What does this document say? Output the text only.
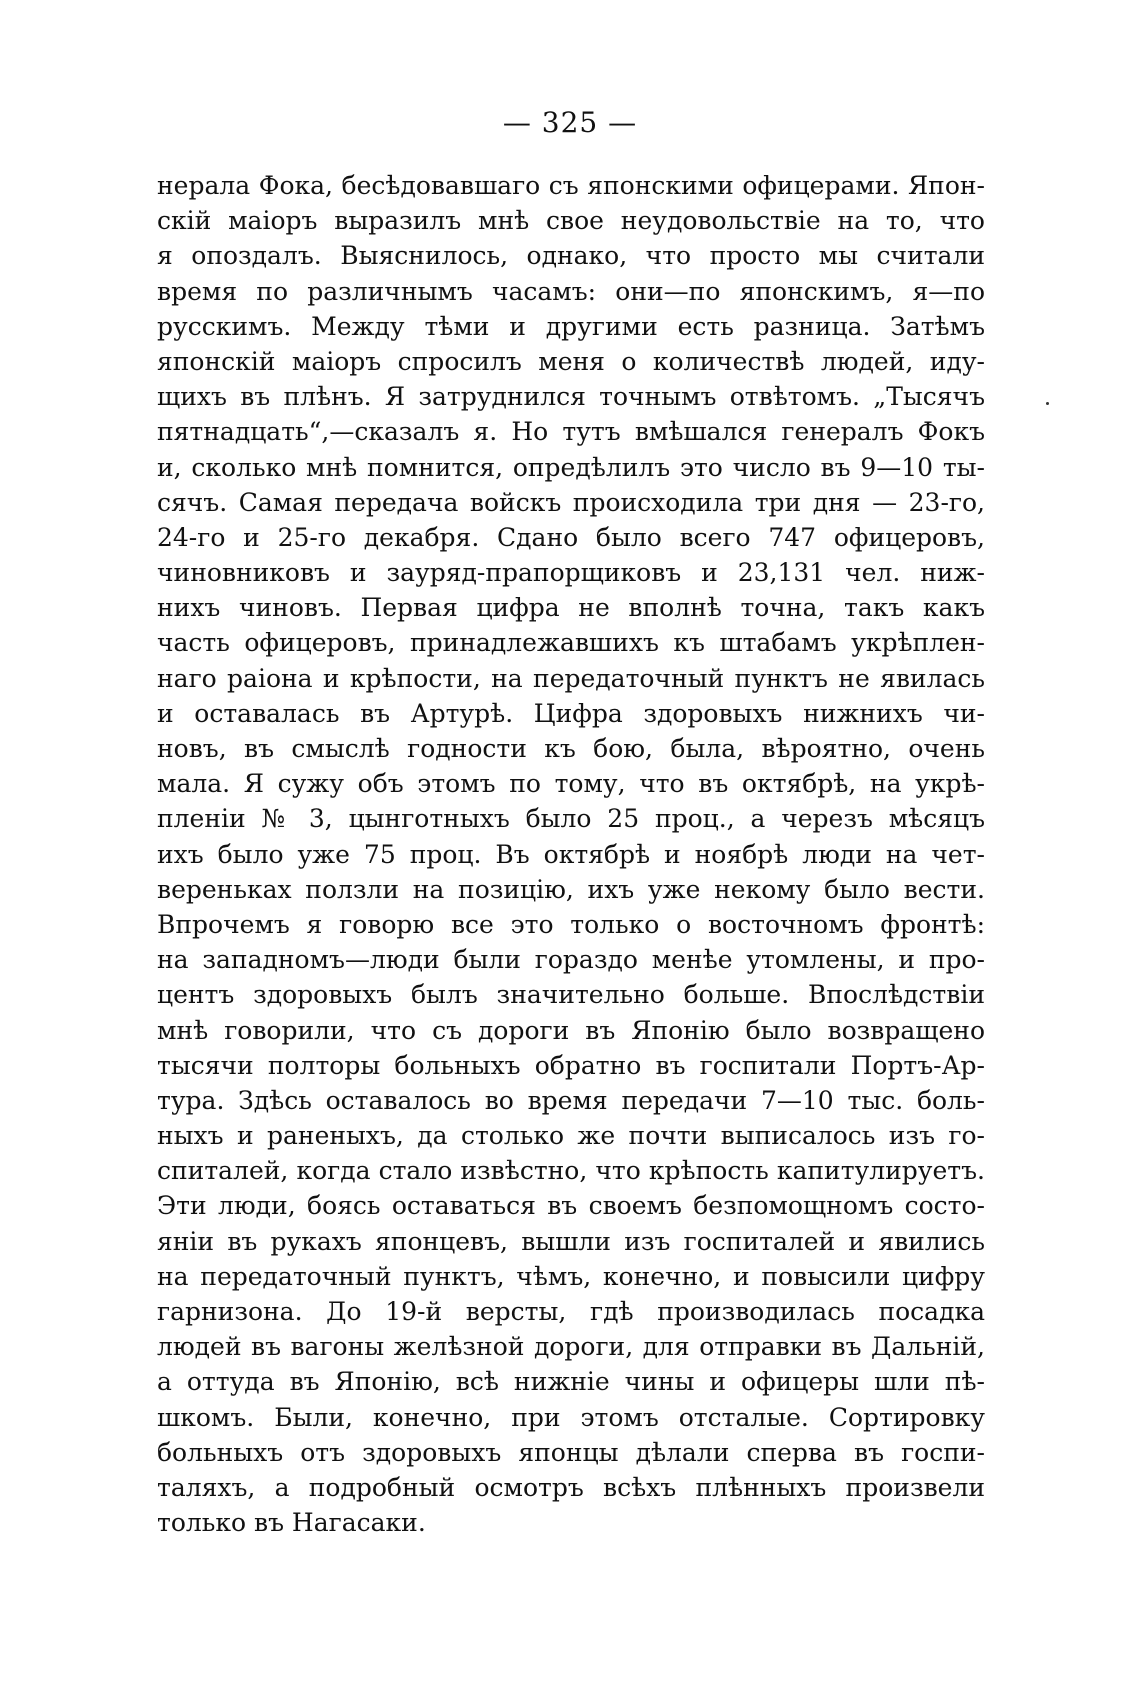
— 325 —
нерала Фока, бесѣдовавшаго съ японскими офицерами. Япон-
скій маіоръ выразилъ мнѣ свое неудовольствіе на то, что
я опоздалъ. Выяснилось, однако, что просто мы считали
время по различнымъ часамъ: они—по японскимъ, я—по
русскимъ. Между тѣми и другими есть разница. Затѣмъ
японскій маіоръ спросилъ меня о количествѣ людей, иду-
щихъ въ плѣнъ. Я затруднился точнымъ отвѣтомъ. „Тысячъ
пятнадцать“,—сказалъ я. Но тутъ вмѣшался генералъ Фокъ
и, сколько мнѣ помнится, опредѣлилъ это число въ 9—10 ты-
сячъ. Самая передача войскъ происходила три дня — 23-го,
24-го и 25-го декабря. Сдано было всего 747 офицеровъ,
чиновниковъ и зауряд-прапорщиковъ и 23,131 чел. ниж-
нихъ чиновъ. Первая цифра не вполнѣ точна, такъ какъ
часть офицеровъ, принадлежавшихъ къ штабамъ укрѣплен-
наго раіона и крѣпости, на передаточный пунктъ не явилась
и оставалась въ Артурѣ. Цифра здоровыхъ нижнихъ чи-
новъ, въ смыслѣ годности къ бою, была, вѣроятно, очень
мала. Я сужу объ этомъ по тому, что въ октябрѣ, на укрѣ-
пленіи № 3, цынготныхъ было 25 проц., а черезъ мѣсяцъ
ихъ было уже 75 проц. Въ октябрѣ и ноябрѣ люди на чет-
вереньках ползли на позицію, ихъ уже некому было вести.
Впрочемъ я говорю все это только о восточномъ фронтѣ:
на западномъ—люди были гораздо менѣе утомлены, и про-
центъ здоровыхъ былъ значительно больше. Впослѣдствіи
мнѣ говорили, что съ дороги въ Японію было возвращено
тысячи полторы больныхъ обратно въ госпитали Портъ-Ар-
тура. Здѣсь оставалось во время передачи 7—10 тыс. боль-
ныхъ и раненыхъ, да столько же почти выписалось изъ го-
спиталей, когда стало извѣстно, что крѣпость капитулируетъ.
Эти люди, боясь оставаться въ своемъ безпомощномъ состо-
яніи въ рукахъ японцевъ, вышли изъ госпиталей и явились
на передаточный пунктъ, чѣмъ, конечно, и повысили цифру
гарнизона. До 19-й версты, гдѣ производилась посадка
людей въ вагоны желѣзной дороги, для отправки въ Дальній,
а оттуда въ Японію, всѣ нижніе чины и офицеры шли пѣ-
шкомъ. Были, конечно, при этомъ отсталые. Сортировку
больныхъ отъ здоровыхъ японцы дѣлали сперва въ госпи-
таляхъ, а подробный осмотръ всѣхъ плѣнныхъ произвели
только въ Нагасаки.
